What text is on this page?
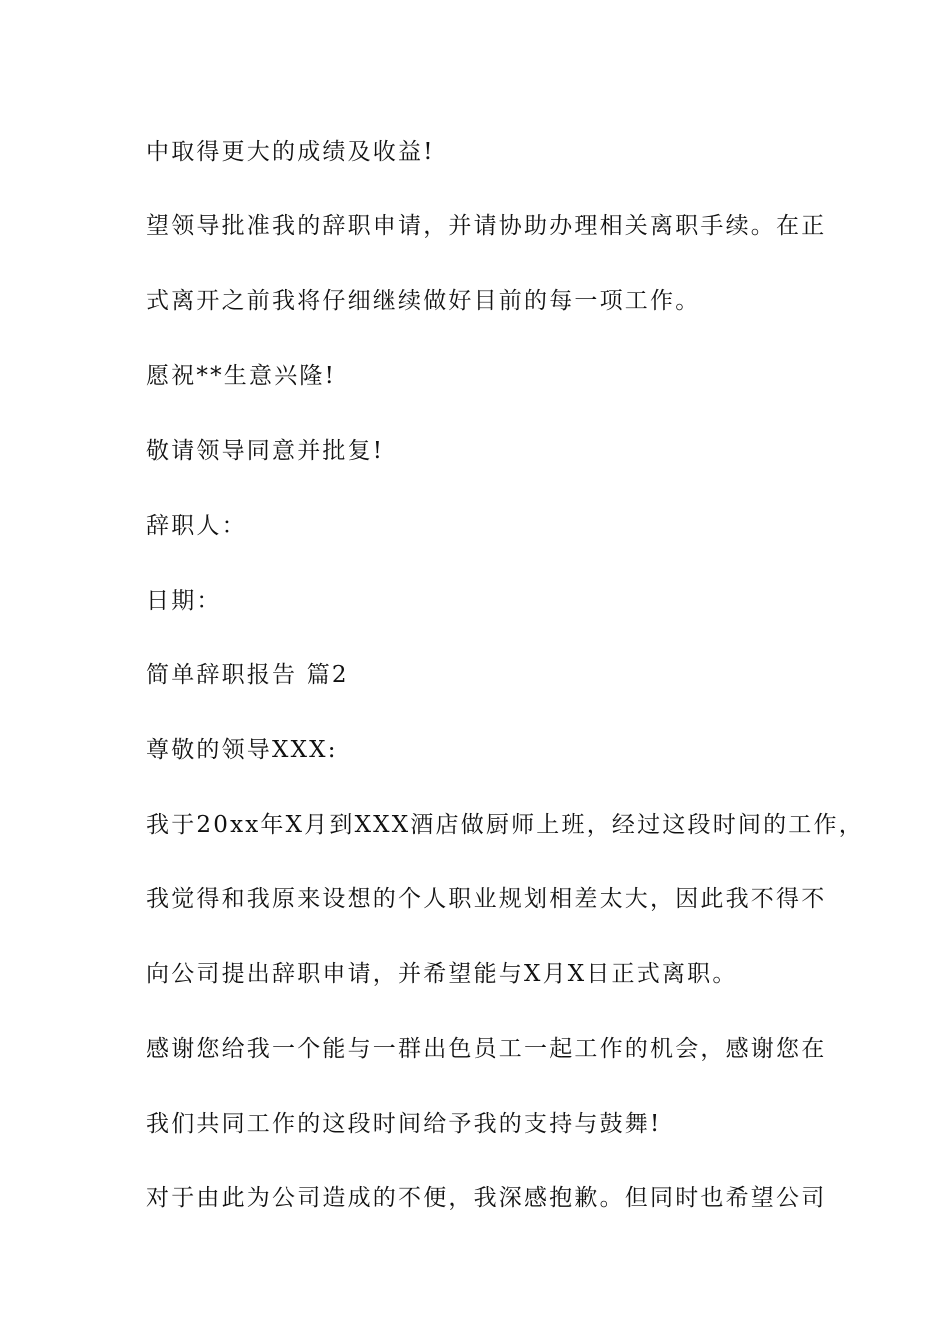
中取得更大的成绩及收益!
望领导批准我的辞职申请，并请协助办理相关离职手续。在正
式离开之前我将仔细继续做好目前的每一项工作。
愿祝**生意兴隆!
敬请领导同意并批复!
辞职人：
日期：
简单辞职报告 篇2
尊敬的领导XXX:
我于20xx年X月到XXX酒店做厨师上班，经过这段时间的工作，
我觉得和我原来设想的个人职业规划相差太大，因此我不得不
向公司提出辞职申请，并希望能与X月X日正式离职。
感谢您给我一个能与一群出色员工一起工作的机会，感谢您在
我们共同工作的这段时间给予我的支持与鼓舞!
对于由此为公司造成的不便，我深感抱歉。但同时也希望公司
